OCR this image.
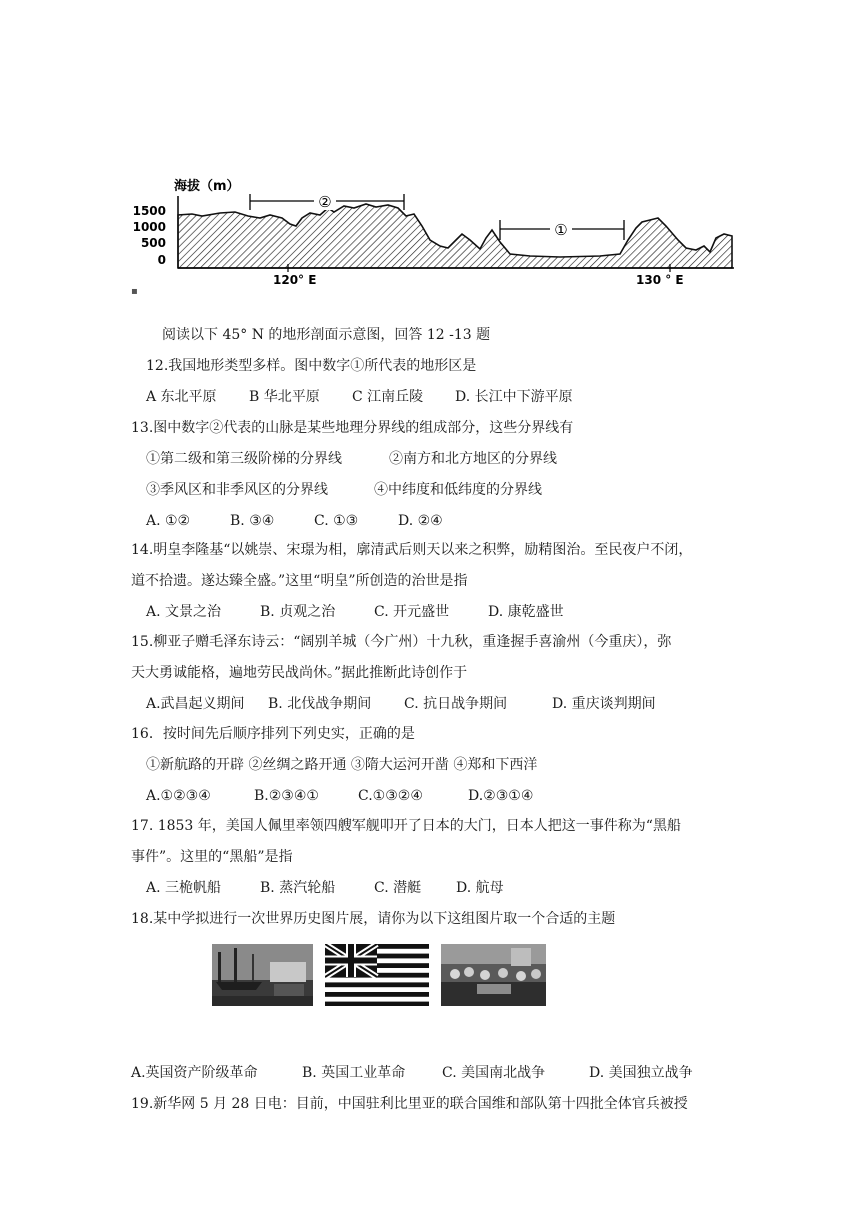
海拔（m）
1500
1000
500
0
②
①
120° E	130 ° E
▪
阅读以下 45° N 的地形剖面示意图，回答 12 -13 题
12.我国地形类型多样。图中数字①所代表的地形区是
A 东北平原 B 华北平原 C 江南丘陵 D. 长江中下游平原
13.图中数字②代表的山脉是某些地理分界线的组成部分，这些分界线有
①第二级和第三级阶梯的分界线	②南方和北方地区的分界线
③季风区和非季风区的分界线	④中纬度和低纬度的分界线
A. ①②	B. ③④	C. ①③	D. ②④
14.明皇李隆基“以姚崇、宋璟为相，廓清武后则天以来之积弊，励精图治。至民夜户不闭，
道不拾遗。遂达臻全盛。”这里“明皇”所创造的治世是指
A. 文景之治	B. 贞观之治	C. 开元盛世	D. 康乾盛世
15.柳亚子赠毛泽东诗云：“阔别羊城（今广州）十九秋，重逢握手喜渝州（今重庆），弥
天大勇诚能格，遍地劳民战尚休。”据此推断此诗创作于
A.武昌起义期间 B. 北伐战争期间 C. 抗日战争期间	D. 重庆谈判期间
16．按时间先后顺序排列下列史实，正确的是
①新航路的开辟 ②丝绸之路开通 ③隋大运河开凿 ④郑和下西洋
A.①②③④	B.②③④①	C.①③②④	D.②③①④
17. 1853 年，美国人佩里率领四艘军舰叩开了日本的大门，日本人把这一事件称为“黑船
事件”。这里的“黑船”是指
A. 三桅帆船	B. 蒸汽轮船	C. 潜艇 D. 航母
18.某中学拟进行一次世界历史图片展，请你为以下这组图片取一个合适的主题
A.英国资产阶级革命	B. 英国工业革命	C. 美国南北战争	D. 美国独立战争
19.新华网 5 月 28 日电：目前，中国驻利比里亚的联合国维和部队第十四批全体官兵被授
